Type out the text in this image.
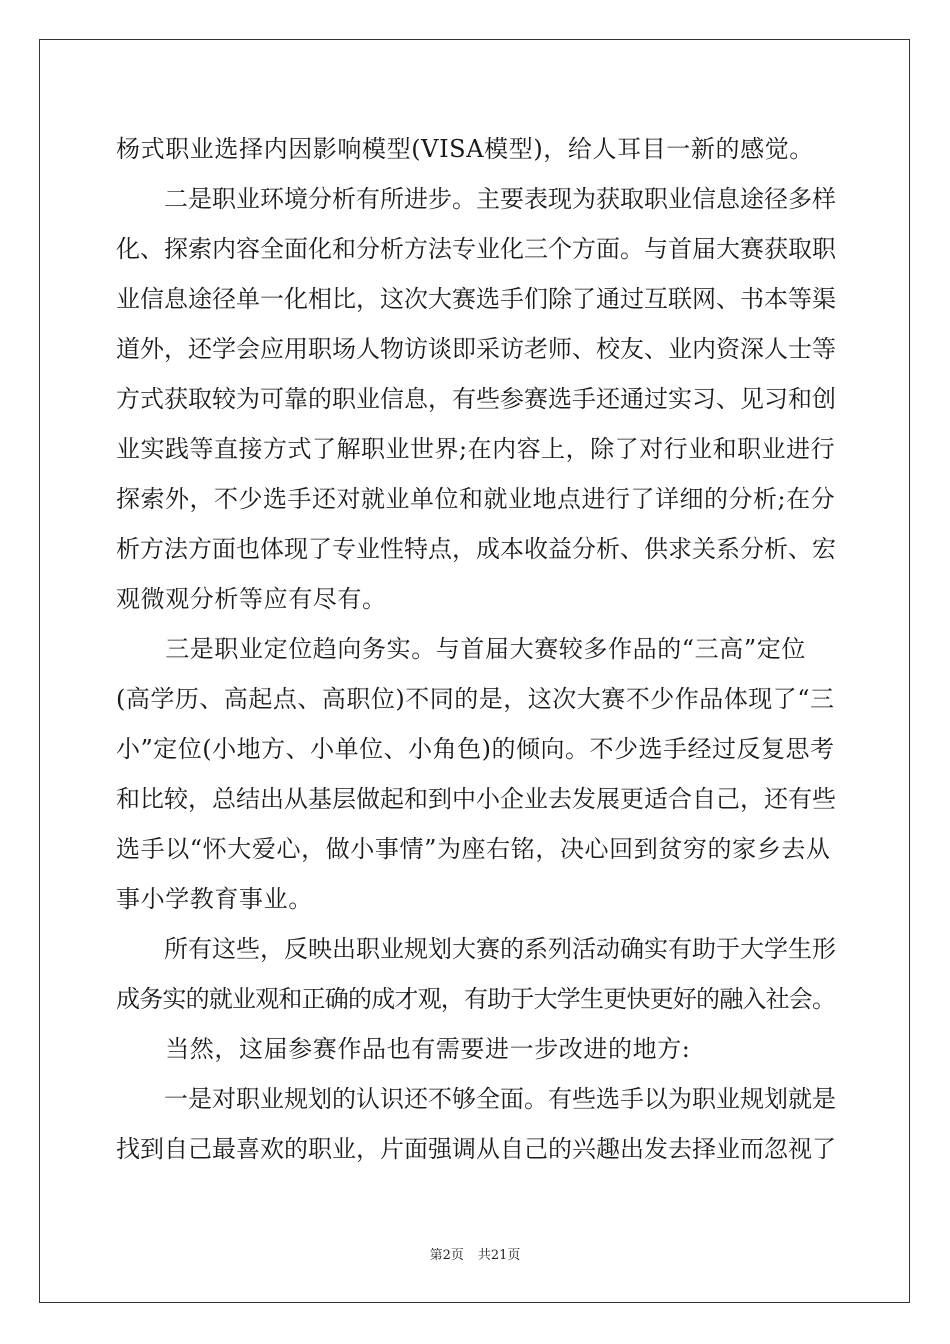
杨式职业选择内因影响模型(VISA模型)，给人耳目一新的感觉。
　　二是职业环境分析有所进步。主要表现为获取职业信息途径多样
化、探索内容全面化和分析方法专业化三个方面。与首届大赛获取职
业信息途径单一化相比，这次大赛选手们除了通过互联网、书本等渠
道外，还学会应用职场人物访谈即采访老师、校友、业内资深人士等
方式获取较为可靠的职业信息，有些参赛选手还通过实习、见习和创
业实践等直接方式了解职业世界;在内容上，除了对行业和职业进行
探索外，不少选手还对就业单位和就业地点进行了详细的分析;在分
析方法方面也体现了专业性特点，成本收益分析、供求关系分析、宏
观微观分析等应有尽有。
　　三是职业定位趋向务实。与首届大赛较多作品的“三高”定位
(高学历、高起点、高职位)不同的是，这次大赛不少作品体现了“三
小”定位(小地方、小单位、小角色)的倾向。不少选手经过反复思考
和比较，总结出从基层做起和到中小企业去发展更适合自己，还有些
选手以“怀大爱心，做小事情”为座右铭，决心回到贫穷的家乡去从
事小学教育事业。
　　所有这些，反映出职业规划大赛的系列活动确实有助于大学生形
成务实的就业观和正确的成才观，有助于大学生更快更好的融入社会。
　　当然，这届参赛作品也有需要进一步改进的地方:
　　一是对职业规划的认识还不够全面。有些选手以为职业规划就是
找到自己最喜欢的职业，片面强调从自己的兴趣出发去择业而忽视了
第2页 共21页
